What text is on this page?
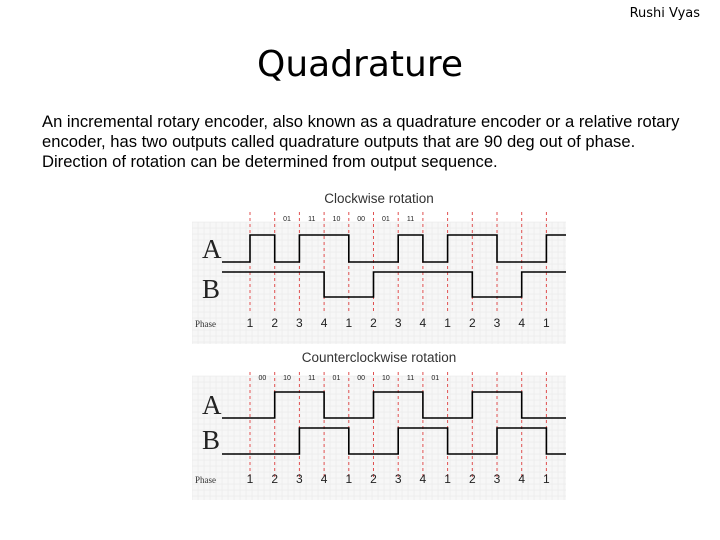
Rushi Vyas
Quadrature

An incremental rotary encoder, also known as a quadrature encoder or a relative rotary encoder, has two outputs called quadrature outputs that are 90 deg out of phase. Direction of rotation can be determined from output sequence.

Clockwise rotation
01 11 10 00 01 11
A
B
Phase	1 2 3 4 1 2 3 4 1 2 3 4 1
Counterclockwise rotation
00 10 11 01 00 10 11 01
A
B
Phase	1 2 3 4 1 2 3 4 1 2 3 4 1
